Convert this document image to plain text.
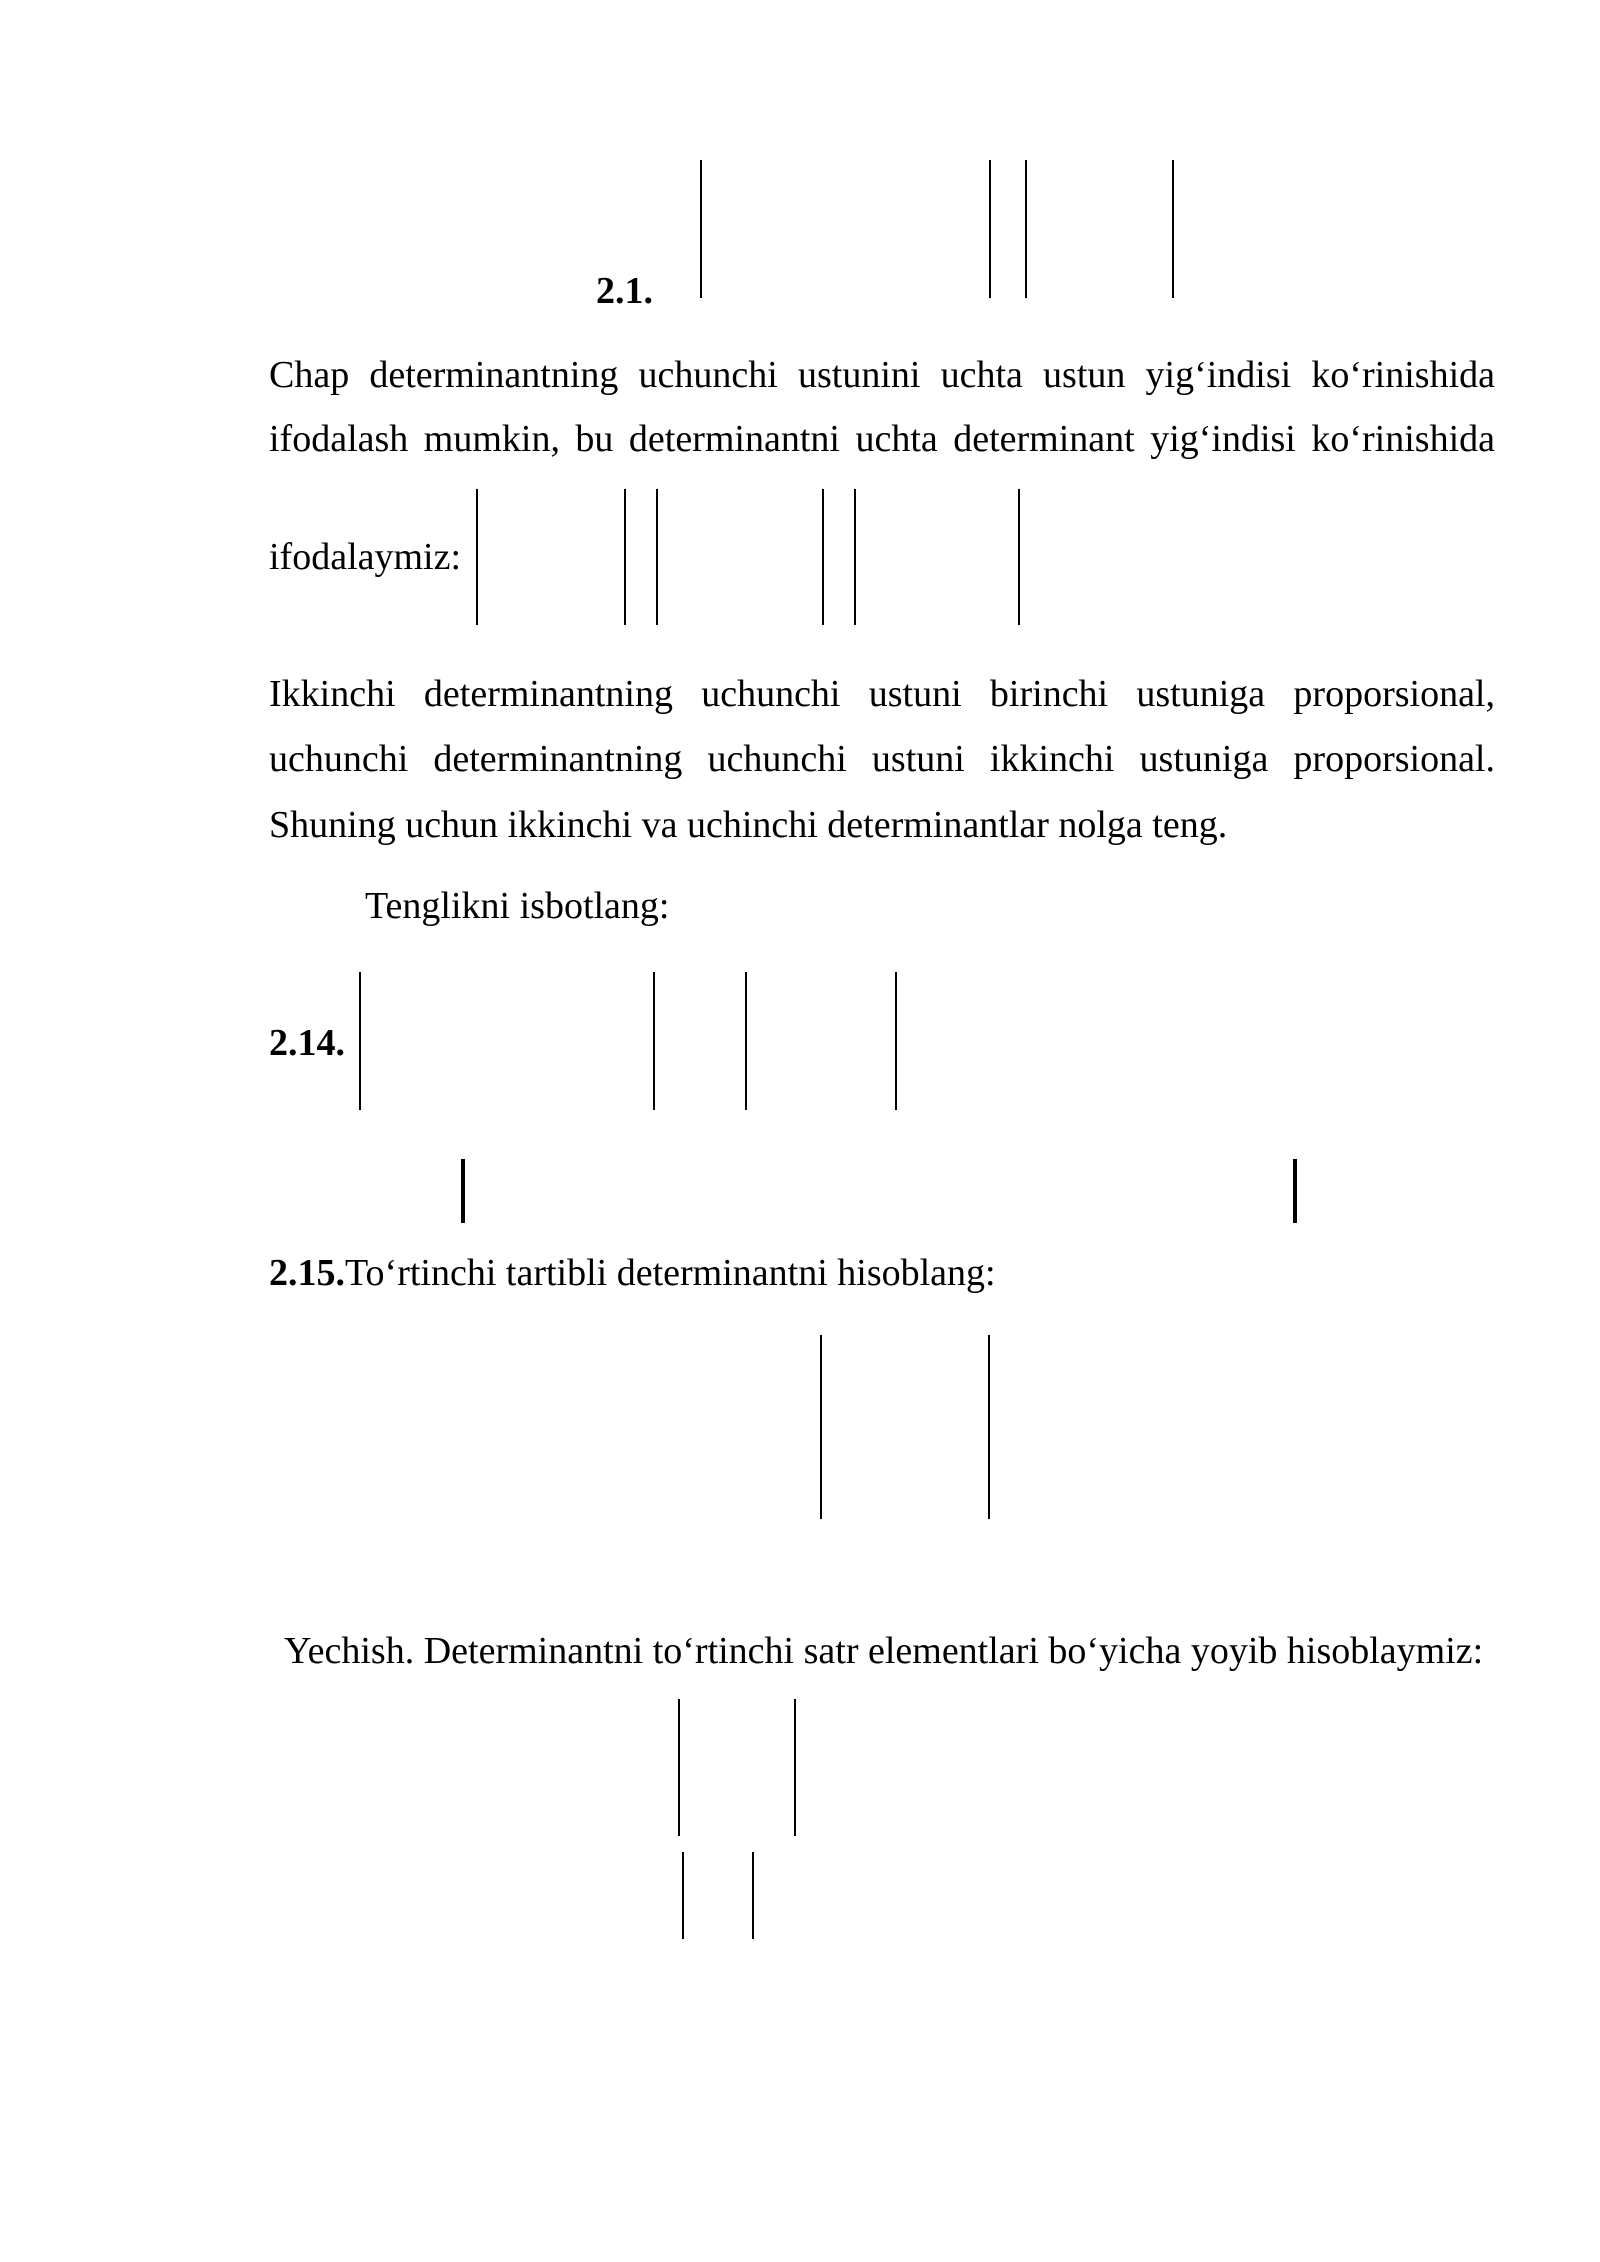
2.1.
Chap determinantning uchunchi ustunini uchta ustun yig‘indisi ko‘rinishida
ifodalash mumkin, bu determinantni uchta determinant yig‘indisi ko‘rinishida
ifodalaymiz:
Ikkinchi determinantning uchunchi ustuni birinchi ustuniga proporsional,
uchunchi determinantning uchunchi ustuni ikkinchi ustuniga proporsional.
Shuning uchun ikkinchi va uchinchi determinantlar nolga teng.
Tenglikni isbotlang:
2.14.
2.15.To‘rtinchi tartibli determinantni hisoblang:
Yechish. Determinantni to‘rtinchi satr elementlari bo‘yicha yoyib hisoblaymiz:
